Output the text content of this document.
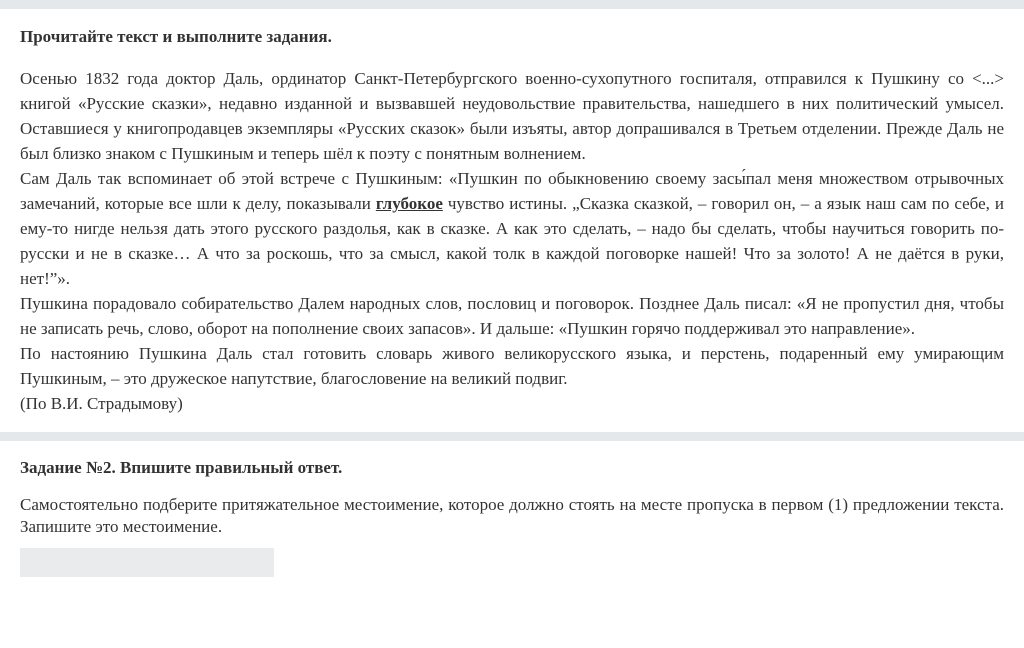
Прочитайте текст и выполните задания.

Осенью 1832 года доктор Даль, ординатор Санкт-Петербургского военно-сухопутного госпиталя, отправился к Пушкину со <...> книгой «Русские сказки», недавно изданной и вызвавшей неудовольствие правительства, нашедшего в них политический умысел. Оставшиеся у книгопродавцев экземпляры «Русских сказок» были изъяты, автор допрашивался в Третьем отделении. Прежде Даль не был близко знаком с Пушкиным и теперь шёл к поэту с понятным волнением.

Сам Даль так вспоминает об этой встрече с Пушкиным: «Пушкин по обыкновению своему засы́пал меня множеством отрывочных замечаний, которые все шли к делу, показывали глубокое чувство истины. „Сказка сказкой, – говорил он, – а язык наш сам по себе, и ему-то нигде нельзя дать этого русского раздолья, как в сказке. А как это сделать, – надо бы сделать, чтобы научиться говорить по-русски и не в сказке… А что за роскошь, что за смысл, какой толк в каждой поговорке нашей! Что за золото! А не даётся в руки, нет!”».

Пушкина порадовало собирательство Далем народных слов, пословиц и поговорок. Позднее Даль писал: «Я не пропустил дня, чтобы не записать речь, слово, оборот на пополнение своих запасов». И дальше: «Пушкин горячо поддерживал это направление».

По настоянию Пушкина Даль стал готовить словарь живого великорусского языка, и перстень, подаренный ему умирающим Пушкиным, – это дружеское напутствие, благословение на великий подвиг.

(По В.И. Страдымову)

Задание №2. Впишите правильный ответ.
Самостоятельно подберите притяжательное местоимение, которое должно стоять на месте пропуска в первом (1) предложении текста. Запишите это местоимение.
